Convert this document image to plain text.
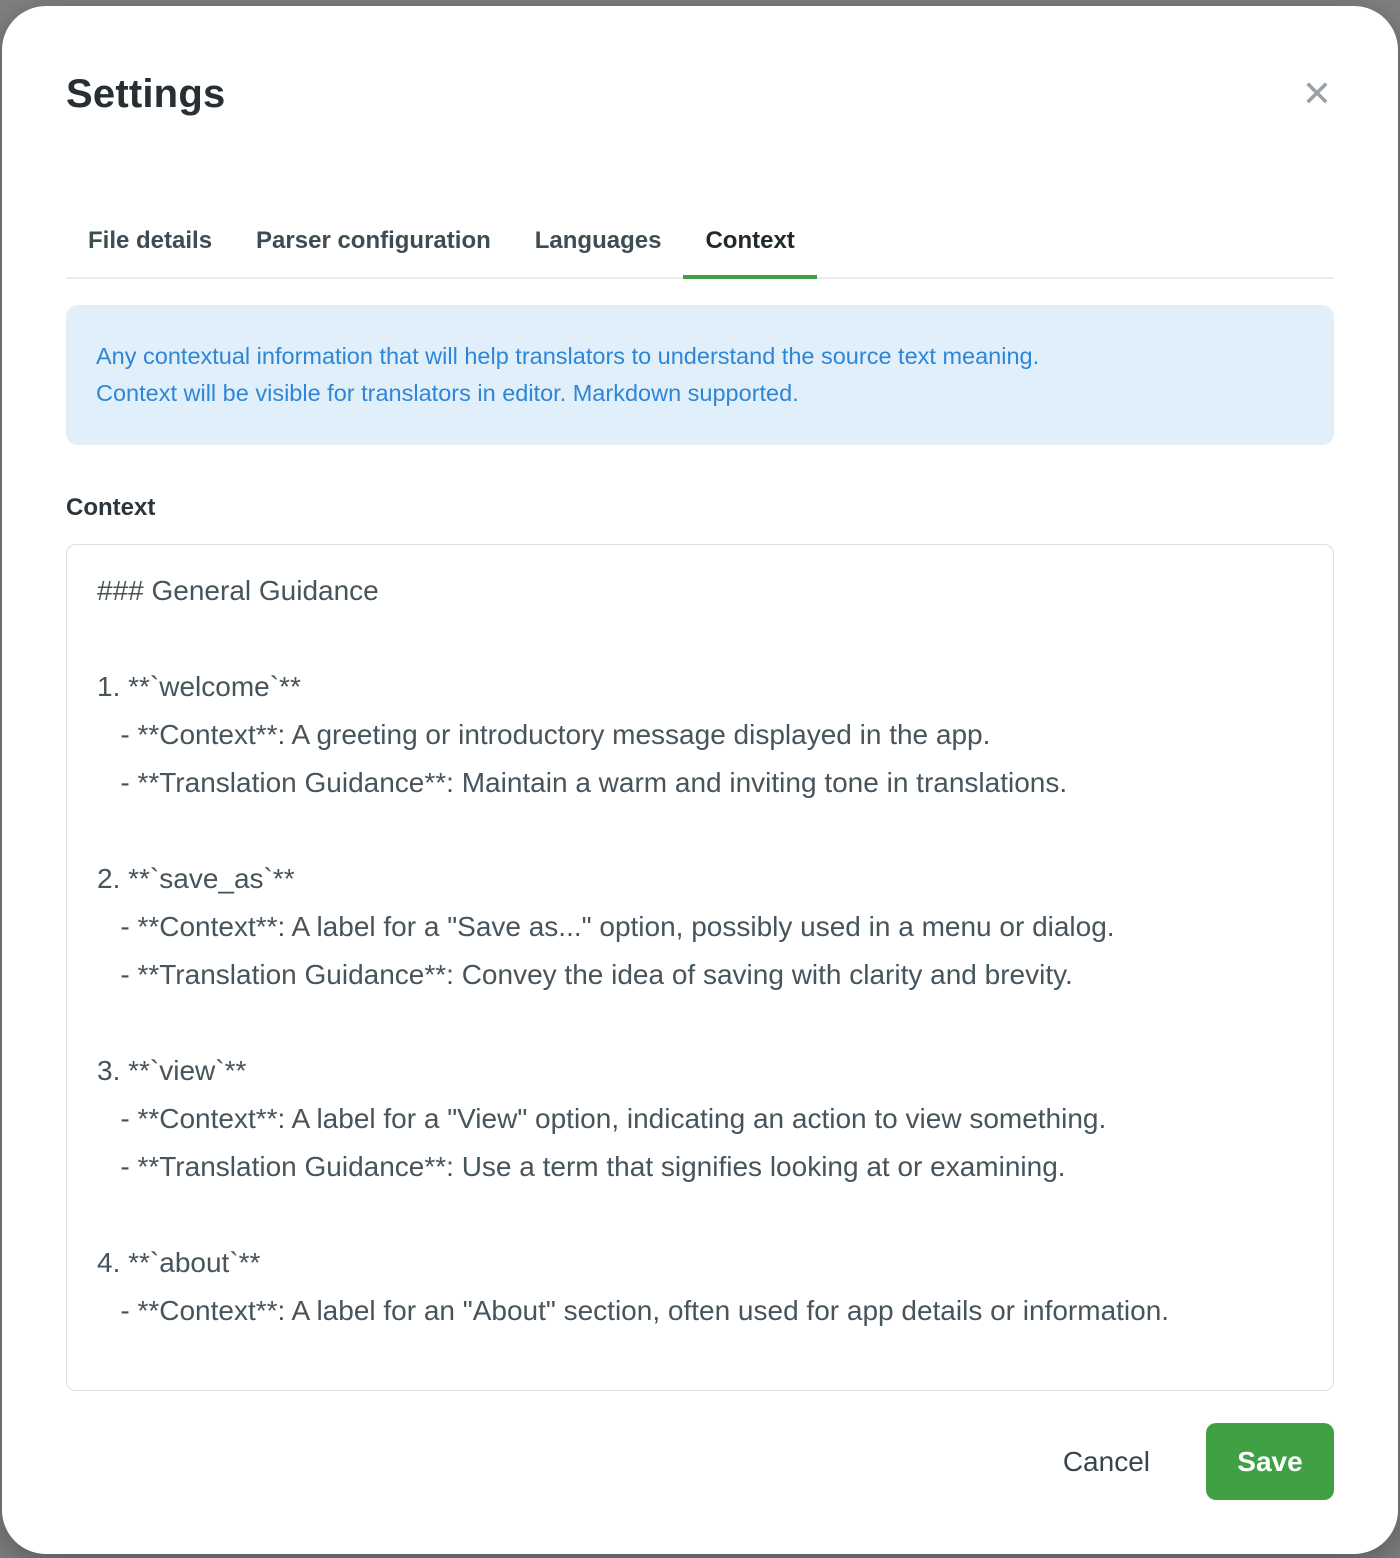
Settings	✕
File details	Parser configuration	Languages	Context
Any contextual information that will help translators to understand the source text meaning.
Context will be visible for translators in editor. Markdown supported.
Context
### General Guidance 1. **`welcome`** - **Context**: A greeting or introductory message displayed in the app. - **Translation Guidance**: Maintain a warm and inviting tone in translations. 2. **`save_as`** - **Context**: A label for a "Save as..." option, possibly used in a menu or dialog. - **Translation Guidance**: Convey the idea of saving with clarity and brevity. 3. **`view`** - **Context**: A label for a "View" option, indicating an action to view something. - **Translation Guidance**: Use a term that signifies looking at or examining. 4. **`about`** - **Context**: A label for an "About" section, often used for app details or information.
Cancel	Save
